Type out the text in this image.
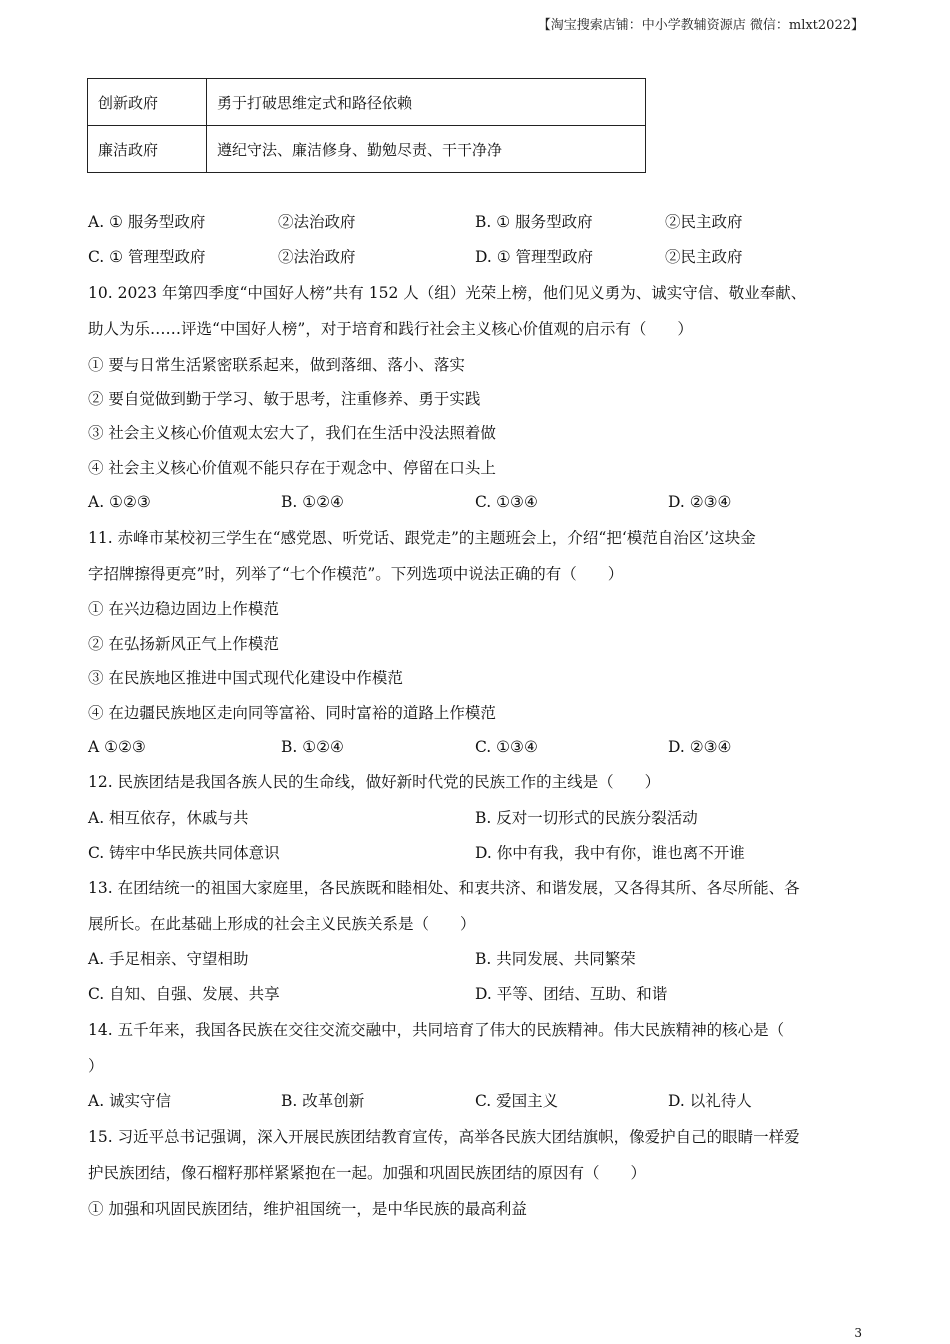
【淘宝搜索店铺：中小学教辅资源店 微信：mlxt2022】
创新政府	勇于打破思维定式和路径依赖
廉洁政府	遵纪守法、廉洁修身、勤勉尽责、干干净净
A. ① 服务型政府	②法治政府	B. ① 服务型政府	②民主政府
C. ① 管理型政府	②法治政府	D. ① 管理型政府	②民主政府
10. 2023 年第四季度“中国好人榜”共有 152 人（组）光荣上榜，他们见义勇为、诚实守信、敬业奉献、
助人为乐……评选“中国好人榜”，对于培育和践行社会主义核心价值观的启示有（　　）
① 要与日常生活紧密联系起来，做到落细、落小、落实
② 要自觉做到勤于学习、敏于思考，注重修养、勇于实践
③ 社会主义核心价值观太宏大了，我们在生活中没法照着做
④ 社会主义核心价值观不能只存在于观念中、停留在口头上
A. ①②③	B. ①②④	C. ①③④	D. ②③④
11. 赤峰市某校初三学生在“感党恩、听党话、跟党走”的主题班会上，介绍“把‘模范自治区’这块金
字招牌擦得更亮”时，列举了“七个作模范”。下列选项中说法正确的有（　　）
① 在兴边稳边固边上作模范
② 在弘扬新风正气上作模范
③ 在民族地区推进中国式现代化建设中作模范
④ 在边疆民族地区走向同等富裕、同时富裕的道路上作模范
A ①②③	B. ①②④	C. ①③④	D. ②③④
12. 民族团结是我国各族人民的生命线，做好新时代党的民族工作的主线是（　　）
A. 相互依存，休戚与共	B. 反对一切形式的民族分裂活动
C. 铸牢中华民族共同体意识	D. 你中有我，我中有你，谁也离不开谁
13. 在团结统一的祖国大家庭里，各民族既和睦相处、和衷共济、和谐发展，又各得其所、各尽所能、各
展所长。在此基础上形成的社会主义民族关系是（　　）
A. 手足相亲、守望相助	B. 共同发展、共同繁荣
C. 自知、自强、发展、共享	D. 平等、团结、互助、和谐
14. 五千年来，我国各民族在交往交流交融中，共同培育了伟大的民族精神。伟大民族精神的核心是（
）
A. 诚实守信	B. 改革创新	C. 爱国主义	D. 以礼待人
15. 习近平总书记强调，深入开展民族团结教育宣传，高举各民族大团结旗帜，像爱护自己的眼睛一样爱
护民族团结，像石榴籽那样紧紧抱在一起。加强和巩固民族团结的原因有（　　）
① 加强和巩固民族团结，维护祖国统一，是中华民族的最高利益
3
